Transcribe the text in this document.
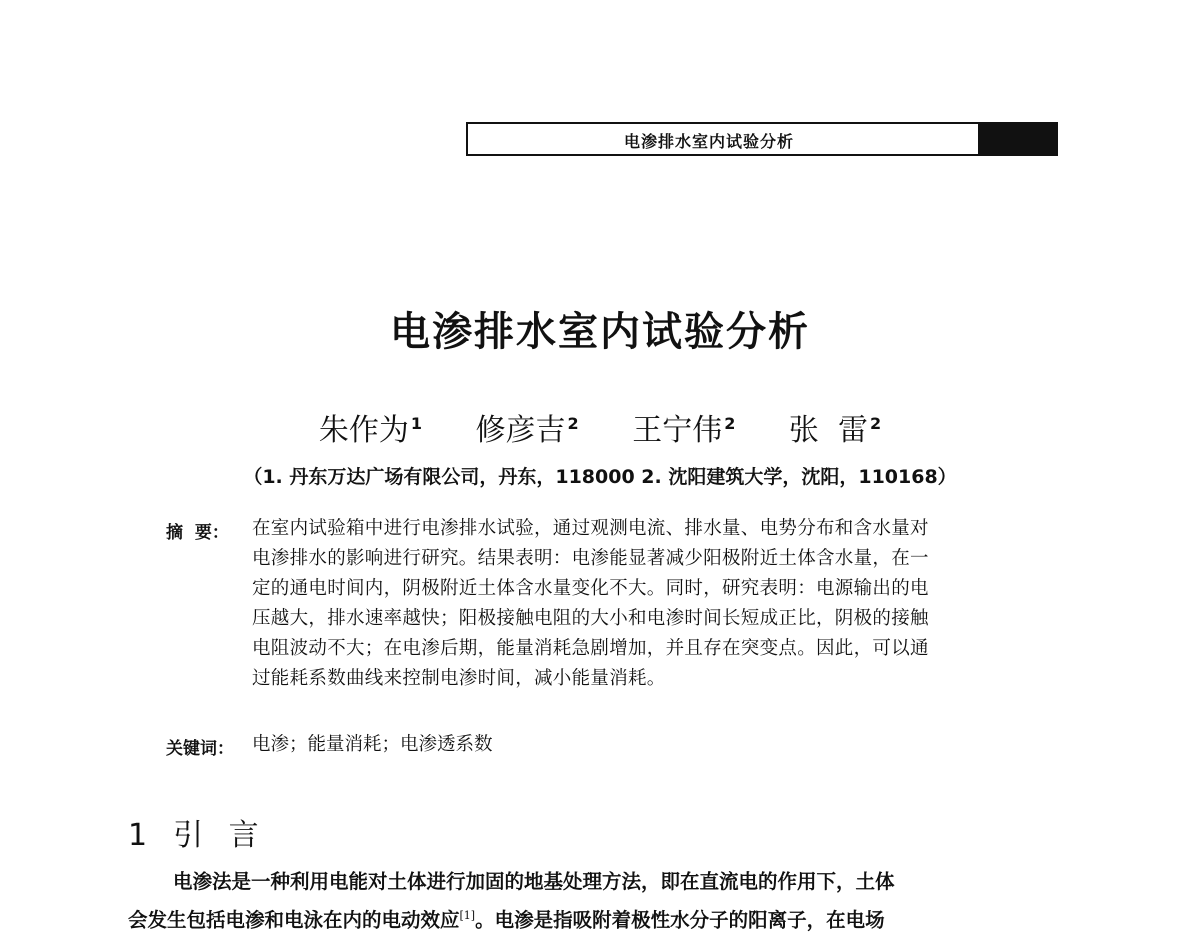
电渗排水室内试验分析
电渗排水室内试验分析
朱作为 $^1$ 修彦吉 $^2$ 王宁伟 $^2$ 张  雷 $^2$
（1. 丹东万达广场有限公司，丹东，118000 2. 沈阳建筑大学，沈阳，110168）
摘  要： 在室内试验箱中进行电渗排水试验，通过观测电流、排水量、电势分布和含水量对
电渗排水的影响进行研究。结果表明：电渗能显著减少阳极附近土体含水量，在一
定的通电时间内，阴极附近土体含水量变化不大。同时，研究表明：电源输出的电
压越大，排水速率越快；阳极接触电阻的大小和电渗时间长短成正比，阴极的接触
电阻波动不大；在电渗后期，能量消耗急剧增加，并且存在突变点。因此，可以通
过能耗系数曲线来控制电渗时间，减小能量消耗。
关键词： 电渗；能量消耗；电渗透系数
1 引 言
电渗法是一种利用电能对土体进行加固的地基处理方法，即在直流电的作用下，土体
会发生包括电渗和电泳在内的电动效应[1]。电渗是指吸附着极性水分子的阳离子，在电场
